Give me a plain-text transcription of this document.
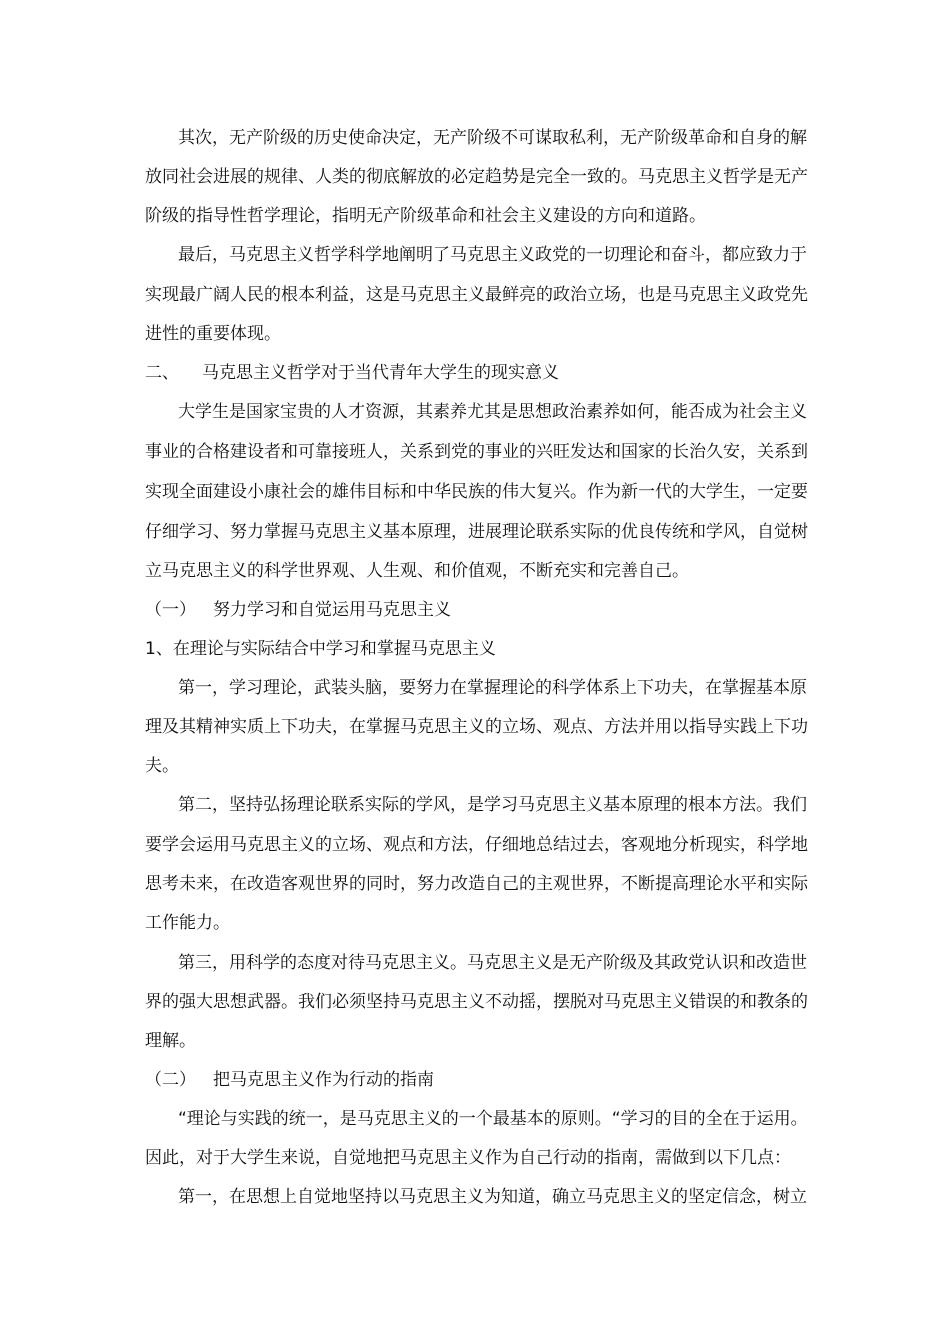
其次，无产阶级的历史使命决定，无产阶级不可谋取私利，无产阶级革命和自身的解
放同社会进展的规律、人类的彻底解放的必定趋势是完全一致的。马克思主义哲学是无产
阶级的指导性哲学理论，指明无产阶级革命和社会主义建设的方向和道路。
最后，马克思主义哲学科学地阐明了马克思主义政党的一切理论和奋斗，都应致力于
实现最广阔人民的根本利益，这是马克思主义最鲜亮的政治立场，也是马克思主义政党先
进性的重要体现。
二、 马克思主义哲学对于当代青年大学生的现实意义
大学生是国家宝贵的人才资源，其素养尤其是思想政治素养如何，能否成为社会主义
事业的合格建设者和可靠接班人，关系到党的事业的兴旺发达和国家的长治久安，关系到
实现全面建设小康社会的雄伟目标和中华民族的伟大复兴。作为新一代的大学生，一定要
仔细学习、努力掌握马克思主义基本原理，进展理论联系实际的优良传统和学风，自觉树
立马克思主义的科学世界观、人生观、和价值观，不断充实和完善自己。
（一） 努力学习和自觉运用马克思主义
1、在理论与实际结合中学习和掌握马克思主义
第一，学习理论，武装头脑，要努力在掌握理论的科学体系上下功夫，在掌握基本原
理及其精神实质上下功夫，在掌握马克思主义的立场、观点、方法并用以指导实践上下功
夫。
第二，坚持弘扬理论联系实际的学风，是学习马克思主义基本原理的根本方法。我们
要学会运用马克思主义的立场、观点和方法，仔细地总结过去，客观地分析现实，科学地
思考未来，在改造客观世界的同时，努力改造自己的主观世界，不断提高理论水平和实际
工作能力。
第三，用科学的态度对待马克思主义。马克思主义是无产阶级及其政党认识和改造世
界的强大思想武器。我们必须坚持马克思主义不动摇，摆脱对马克思主义错误的和教条的
理解。
（二） 把马克思主义作为行动的指南
“理论与实践的统一，是马克思主义的一个最基本的原则。“学习的目的全在于运用。
因此，对于大学生来说，自觉地把马克思主义作为自己行动的指南，需做到以下几点：
第一，在思想上自觉地坚持以马克思主义为知道，确立马克思主义的坚定信念，树立
